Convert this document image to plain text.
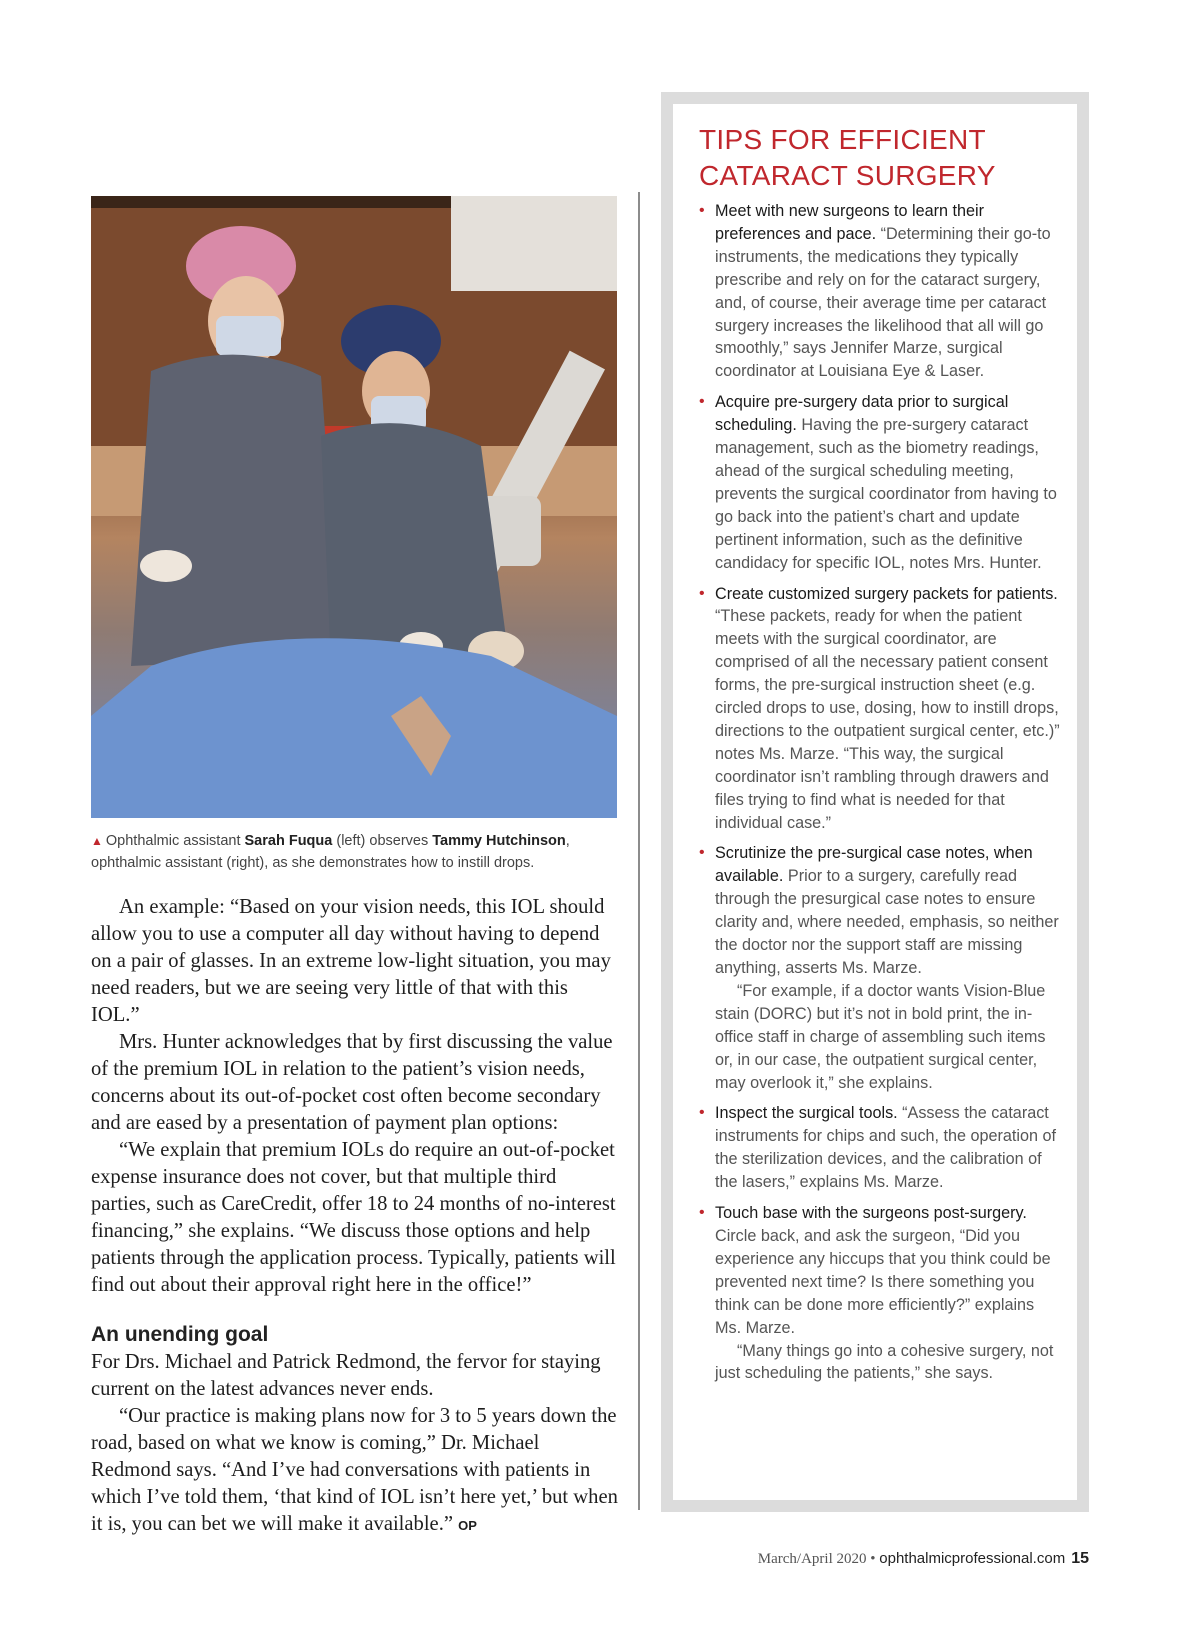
▲ Ophthalmic assistant Sarah Fuqua (left) observes Tammy Hutchinson, ophthalmic assistant (right), as she demonstrates how to instill drops.

An example: “Based on your vision needs, this IOL should allow you to use a computer all day without having to depend on a pair of glasses. In an extreme low-light situation, you may need readers, but we are seeing very little of that with this IOL.”

Mrs. Hunter acknowledges that by first discussing the value of the premium IOL in relation to the patient’s vision needs, concerns about its out-of-pocket cost often become secondary and are eased by a presentation of payment plan options:

“We explain that premium IOLs do require an out-of-pocket expense insurance does not cover, but that multiple third parties, such as CareCredit, offer 18 to 24 months of no-interest financing,” she explains. “We discuss those options and help patients through the application process. Typically, patients will find out about their approval right here in the office!”

An unending goal

For Drs. Michael and Patrick Redmond, the fervor for staying current on the latest advances never ends.

“Our practice is making plans now for 3 to 5 years down the road, based on what we know is coming,” Dr. Michael Redmond says. “And I’ve had conversations with patients in which I’ve told them, ‘that kind of IOL isn’t here yet,’ but when it is, you can bet we will make it available.” OP

TIPS FOR EFFICIENT
CATARACT SURGERY
• Meet with new surgeons to learn their preferences and pace. “Determining their go-to instruments, the medications they typically prescribe and rely on for the cataract surgery, and, of course, their average time per cataract surgery increases the likelihood that all will go smoothly,” says Jennifer Marze, surgical coordinator at Louisiana Eye & Laser.
• Acquire pre-surgery data prior to surgical scheduling. Having the pre-surgery cataract management, such as the biometry readings, ahead of the surgical scheduling meeting, prevents the surgical coordinator from having to go back into the patient’s chart and update pertinent information, such as the definitive candidacy for specific IOL, notes Mrs. Hunter.
• Create customized surgery packets for patients. “These packets, ready for when the patient meets with the surgical coordinator, are comprised of all the necessary patient consent forms, the pre-surgical instruction sheet (e.g. circled drops to use, dosing, how to instill drops, directions to the outpatient surgical center, etc.)” notes Ms. Marze. “This way, the surgical coordinator isn’t rambling through drawers and files trying to find what is needed for that individual case.”
• Scrutinize the pre-surgical case notes, when available. Prior to a surgery, carefully read through the presurgical case notes to ensure clarity and, where needed, emphasis, so neither the doctor nor the support staff are missing anything, asserts Ms. Marze.
“For example, if a doctor wants Vision-Blue stain (DORC) but it’s not in bold print, the in-office staff in charge of assembling such items or, in our case, the outpatient surgical center, may overlook it,” she explains.
• Inspect the surgical tools. “Assess the cataract instruments for chips and such, the operation of the sterilization devices, and the calibration of the lasers,” explains Ms. Marze.
• Touch base with the surgeons post-surgery. Circle back, and ask the surgeon, “Did you experience any hiccups that you think could be prevented next time? Is there something you think can be done more efficiently?” explains Ms. Marze.
“Many things go into a cohesive surgery, not just scheduling the patients,” she says.
March/April 2020 • ophthalmicprofessional.com 15
